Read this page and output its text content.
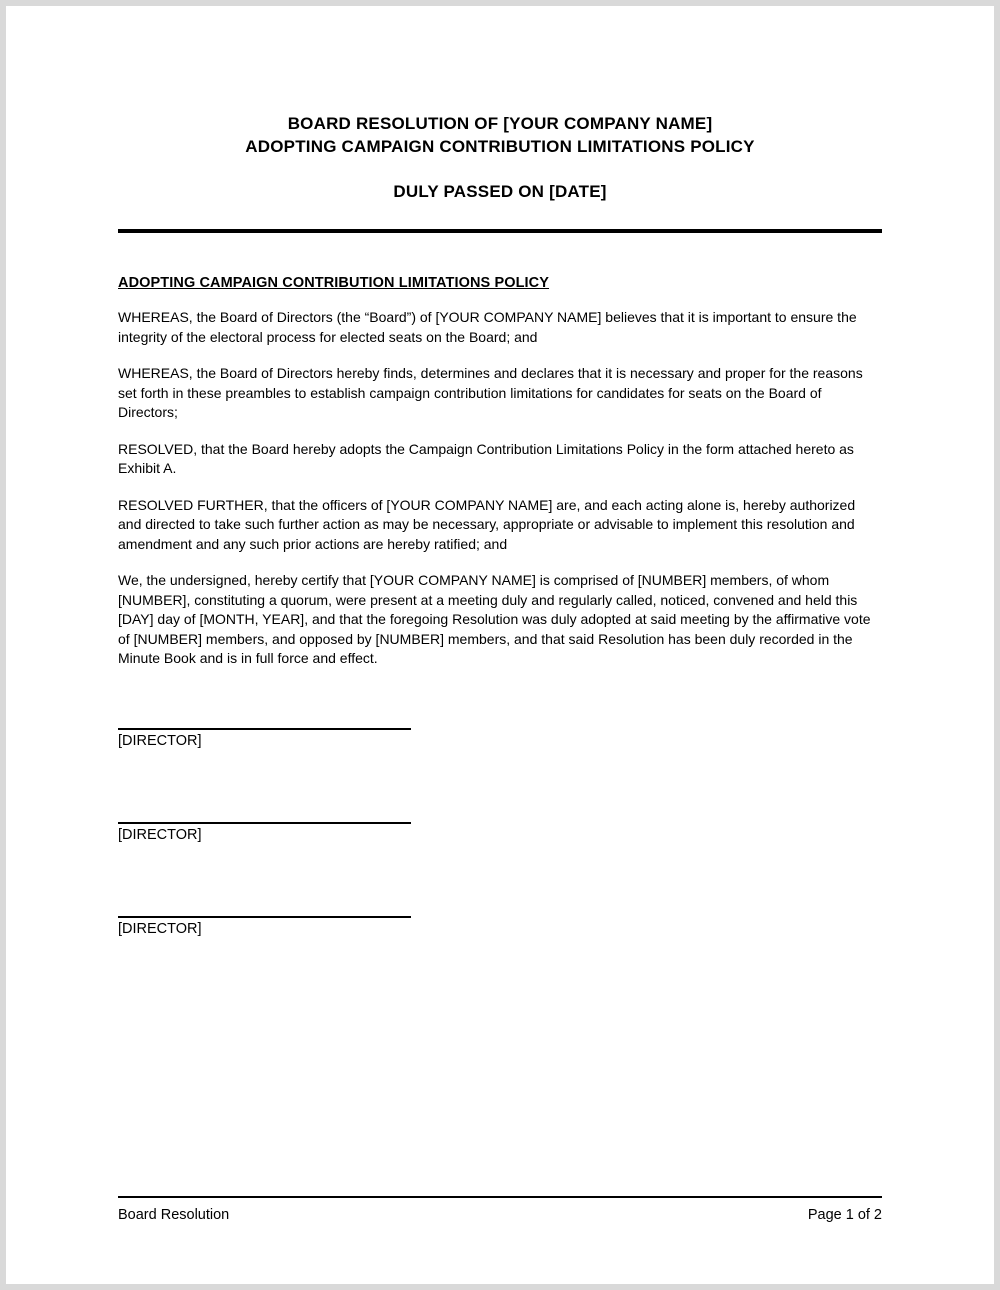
BOARD RESOLUTION OF [YOUR COMPANY NAME]
ADOPTING CAMPAIGN CONTRIBUTION LIMITATIONS POLICY
DULY PASSED ON [DATE]
ADOPTING CAMPAIGN CONTRIBUTION LIMITATIONS POLICY

WHEREAS, the Board of Directors (the “Board”) of [YOUR COMPANY NAME] believes that it is important to ensure the integrity of the electoral process for elected seats on the Board; and

WHEREAS, the Board of Directors hereby finds, determines and declares that it is necessary and proper for the reasons set forth in these preambles to establish campaign contribution limitations for candidates for seats on the Board of Directors;

RESOLVED, that the Board hereby adopts the Campaign Contribution Limitations Policy in the form attached hereto as Exhibit A.

RESOLVED FURTHER, that the officers of [YOUR COMPANY NAME] are, and each acting alone is, hereby authorized and directed to take such further action as may be necessary, appropriate or advisable to implement this resolution and amendment and any such prior actions are hereby ratified; and

We, the undersigned, hereby certify that [YOUR COMPANY NAME] is comprised of [NUMBER] members, of whom [NUMBER], constituting a quorum, were present at a meeting duly and regularly called, noticed, convened and held this [DAY] day of [MONTH, YEAR], and that the foregoing Resolution was duly adopted at said meeting by the affirmative vote of [NUMBER] members, and opposed by [NUMBER] members, and that said Resolution has been duly recorded in the Minute Book and is in full force and effect.

[DIRECTOR]
[DIRECTOR]
[DIRECTOR]
Board Resolution	Page 1 of 2
